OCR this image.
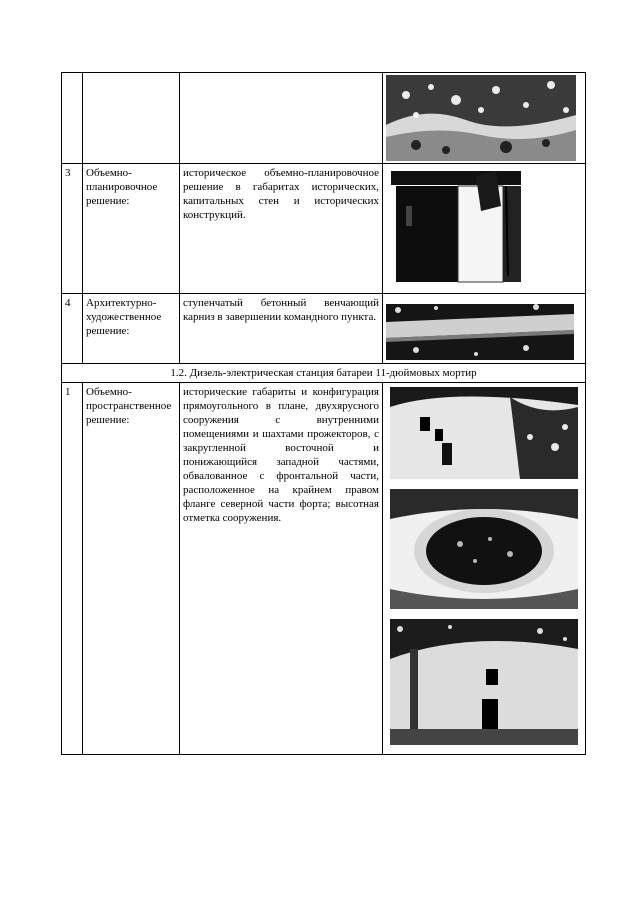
3	Объемно-планировочное решение:	историческое объемно-планировочное решение в габаритах исторических, капитальных стен и исторических конструкций.	

4	Архитектурно-художественное решение:	ступенчатый бетонный венчающий карниз в завершении командного пункта.	

1.2. Дизель-электрическая станция батареи 11-дюймовых мортир			
1	Объемно-пространственное решение:	исторические габариты и конфигурация прямоугольного в плане, двухярусного сооружения с внутренними помещениями и шахтами прожекторов, с закругленной восточной и понижающийся западной частями, обвалованное с фронтальной части, расположенное на крайнем правом фланге северной части форта; высотная отметка сооружения.	
